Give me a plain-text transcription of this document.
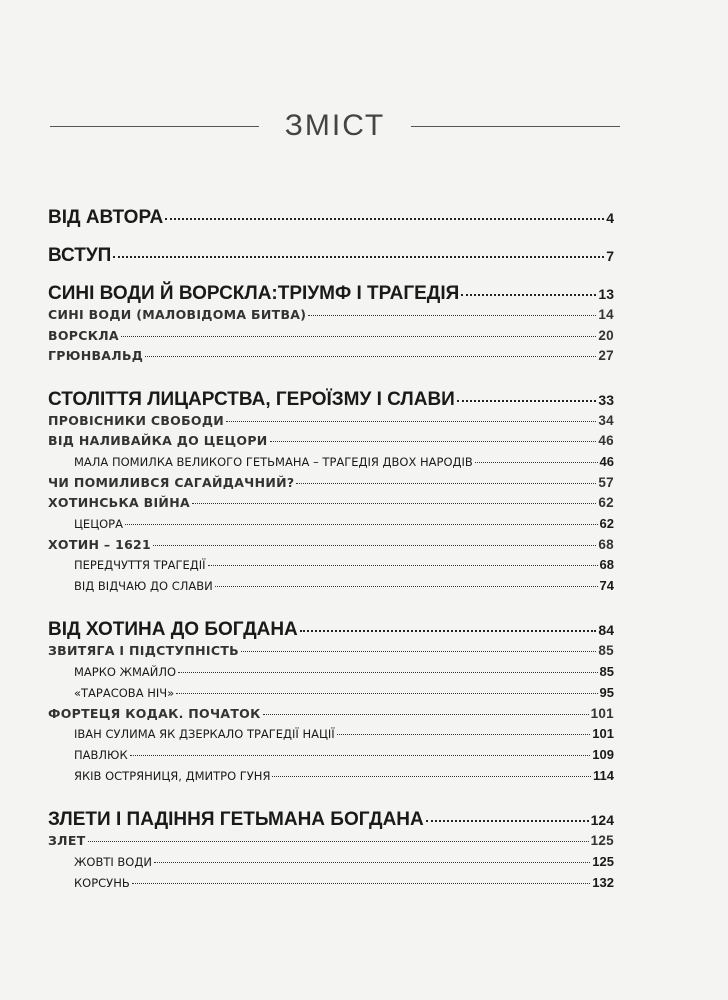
ЗМІСТ
ВІД АВТОРА	4
ВСТУП	7
СИНІ ВОДИ Й ВОРСКЛА:ТРІУМФ І ТРАГЕДІЯ	13
СИНІ ВОДИ (МАЛОВІДОМА БИТВА)	14
ВОРСКЛА	20
ГРЮНВАЛЬД	27
СТОЛІТТЯ ЛИЦАРСТВА, ГЕРОЇЗМУ І СЛАВИ	33
ПРОВІСНИКИ СВОБОДИ	34
ВІД НАЛИВАЙКА ДО ЦЕЦОРИ	46
МАЛА ПОМИЛКА ВЕЛИКОГО ГЕТЬМАНА – ТРАГЕДІЯ ДВОХ НАРОДІВ	46
ЧИ ПОМИЛИВСЯ САГАЙДАЧНИЙ?	57
ХОТИНСЬКА ВІЙНА	62
ЦЕЦОРА	62
ХОТИН – 1621	68
ПЕРЕДЧУТТЯ ТРАГЕДІЇ	68
ВІД ВІДЧАЮ ДО СЛАВИ	74
ВІД ХОТИНА ДО БОГДАНА	84
ЗВИТЯГА І ПІДСТУПНІСТЬ	85
МАРКО ЖМАЙЛО	85
«ТАРАСОВА НІЧ»	95
ФОРТЕЦЯ КОДАК. ПОЧАТОК	101
ІВАН СУЛИМА ЯК ДЗЕРКАЛО ТРАГЕДІЇ НАЦІЇ	101
ПАВЛЮК	109
ЯКІВ ОСТРЯНИЦЯ, ДМИТРО ГУНЯ	114
ЗЛЕТИ І ПАДІННЯ ГЕТЬМАНА БОГДАНА	124
ЗЛЕТ	125
ЖОВТІ ВОДИ	125
КОРСУНЬ	132
